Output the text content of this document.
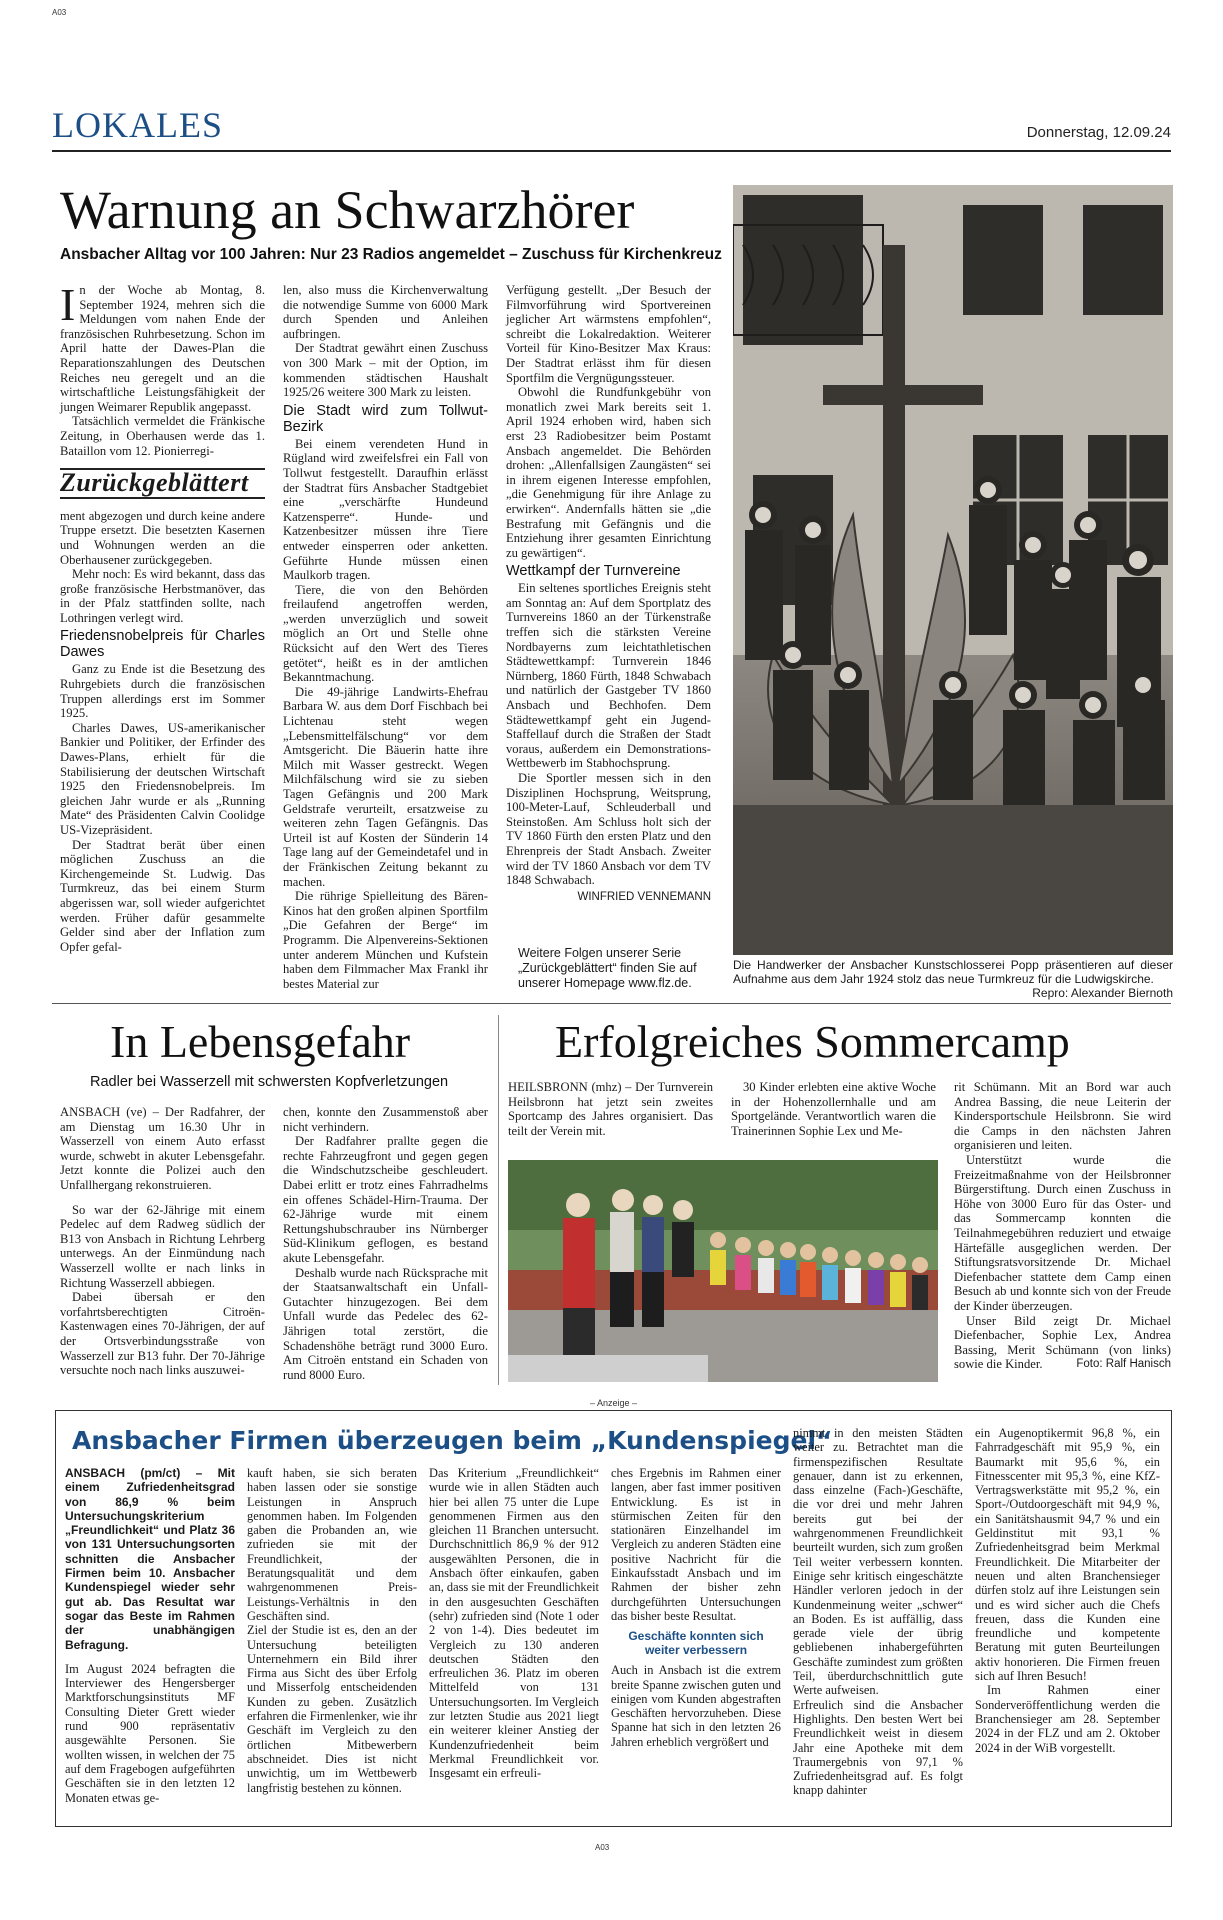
A03
LOKALES	Donnerstag, 12.09.24
Warnung an Schwarzhörer
Ansbacher Alltag vor 100 Jahren: Nur 23 Radios angemeldet – Zuschuss für Kirchenkreuz

In der Woche ab Montag, 8. September 1924, mehren sich die Meldungen vom nahen Ende der französischen Ruhrbesetzung. Schon im April hatte der Dawes-Plan die Reparationszahlungen des Deutschen Reiches neu geregelt und an die wirtschaftliche Leistungsfähigkeit der jungen Weimarer Republik angepasst.

Tatsächlich vermeldet die Fränkische Zeitung, in Oberhausen werde das 1. Bataillon vom 12. Pionierregi-

Zurückgeblättert

ment abgezogen und durch keine andere Truppe ersetzt. Die besetzten Kasernen und Wohnungen werden an die Oberhausener zurückgegeben.

Mehr noch: Es wird bekannt, dass das große französische Herbstmanöver, das in der Pfalz stattfinden sollte, nach Lothringen verlegt wird.

Friedensnobelpreis für Charles Dawes

Ganz zu Ende ist die Besetzung des Ruhrgebiets durch die französischen Truppen allerdings erst im Sommer 1925.

Charles Dawes, US-amerikanischer Bankier und Politiker, der Erfinder des Dawes-Plans, erhielt für die Stabilisierung der deutschen Wirtschaft 1925 den Friedensnobelpreis. Im gleichen Jahr wurde er als „Running Mate“ des Präsidenten Calvin Coolidge US-Vizepräsident.

Der Stadtrat berät über einen möglichen Zuschuss an die Kirchengemeinde St. Ludwig. Das Turmkreuz, das bei einem Sturm abgerissen war, soll wieder aufgerichtet werden. Früher dafür gesammelte Gelder sind aber der Inflation zum Opfer gefal-

len, also muss die Kirchenverwaltung die notwendige Summe von 6000 Mark durch Spenden und Anleihen aufbringen.

Der Stadtrat gewährt einen Zuschuss von 300 Mark – mit der Option, im kommenden städtischen Haushalt 1925/26 weitere 300 Mark zu leisten.

Die Stadt wird zum Tollwut-Bezirk

Bei einem verendeten Hund in Rügland wird zweifelsfrei ein Fall von Tollwut festgestellt. Daraufhin erlässt der Stadtrat fürs Ansbacher Stadtgebiet eine „verschärfte Hundeund Katzensperre“. Hunde- und Katzenbesitzer müssen ihre Tiere entweder einsperren oder anketten. Geführte Hunde müssen einen Maulkorb tragen.

Tiere, die von den Behörden freilaufend angetroffen werden, „werden unverzüglich und soweit möglich an Ort und Stelle ohne Rücksicht auf den Wert des Tieres getötet“, heißt es in der amtlichen Bekanntmachung.

Die 49-jährige Landwirts-Ehefrau Barbara W. aus dem Dorf Fischbach bei Lichtenau steht wegen „Lebensmittelfälschung“ vor dem Amtsgericht. Die Bäuerin hatte ihre Milch mit Wasser gestreckt. Wegen Milchfälschung wird sie zu sieben Tagen Gefängnis und 200 Mark Geldstrafe verurteilt, ersatzweise zu weiteren zehn Tagen Gefängnis. Das Urteil ist auf Kosten der Sünderin 14 Tage lang auf der Gemeindetafel und in der Fränkischen Zeitung bekannt zu machen.

Die rührige Spielleitung des Bären-Kinos hat den großen alpinen Sportfilm „Die Gefahren der Berge“ im Programm. Die Alpenvereins-Sektionen unter anderem München und Kufstein haben dem Filmmacher Max Frankl ihr bestes Material zur

Verfügung gestellt. „Der Besuch der Filmvorführung wird Sportvereinen jeglicher Art wärmstens empfohlen“, schreibt die Lokalredaktion. Weiterer Vorteil für Kino-Besitzer Max Kraus: Der Stadtrat erlässt ihm für diesen Sportfilm die Vergnügungssteuer.

Obwohl die Rundfunkgebühr von monatlich zwei Mark bereits seit 1. April 1924 erhoben wird, haben sich erst 23 Radiobesitzer beim Postamt Ansbach angemeldet. Die Behörden drohen: „Allenfallsigen Zaungästen“ sei in ihrem eigenen Interesse empfohlen, „die Genehmigung für ihre Anlage zu erwirken“. Andernfalls hätten sie „die Bestrafung mit Gefängnis und die Entziehung ihrer gesamten Einrichtung zu gewärtigen“.

Wettkampf der Turnvereine

Ein seltenes sportliches Ereignis steht am Sonntag an: Auf dem Sportplatz des Turnvereins 1860 an der Türkenstraße treffen sich die stärksten Vereine Nordbayerns zum leichtathletischen Städtewettkampf: Turnverein 1846 Nürnberg, 1860 Fürth, 1848 Schwabach und natürlich der Gastgeber TV 1860 Ansbach und Bechhofen. Dem Städtewettkampf geht ein Jugend-Staffellauf durch die Straßen der Stadt voraus, außerdem ein Demonstrations-Wettbewerb im Stabhochsprung.

Die Sportler messen sich in den Disziplinen Hochsprung, Weitsprung, 100-Meter-Lauf, Schleuderball und Steinstoßen. Am Schluss holt sich der TV 1860 Fürth den ersten Platz und den Ehrenpreis der Stadt Ansbach. Zweiter wird der TV 1860 Ansbach vor dem TV 1848 Schwabach.

WINFRIED VENNEMANN
Weitere Folgen unserer Serie „Zurückgeblättert“ finden Sie auf unserer Homepage www.flz.de.
Die Handwerker der Ansbacher Kunstschlosserei Popp präsentieren auf dieser Aufnahme aus dem Jahr 1924 stolz das neue Turmkreuz für die Ludwigskirche.
Repro: Alexander Biernoth
In Lebensgefahr
Radler bei Wasserzell mit schwersten Kopfverletzungen

ANSBACH (ve) – Der Radfahrer, der am Dienstag um 16.30 Uhr in Wasserzell von einem Auto erfasst wurde, schwebt in akuter Lebensgefahr. Jetzt konnte die Polizei auch den Unfallhergang rekonstruieren.

So war der 62-Jährige mit einem Pedelec auf dem Radweg südlich der B13 von Ansbach in Richtung Lehrberg unterwegs. An der Einmündung nach Wasserzell wollte er nach links in Richtung Wasserzell abbiegen.

Dabei übersah er den vorfahrtsberechtigten Citroën-Kastenwagen eines 70-Jährigen, der auf der Ortsverbindungsstraße von Wasserzell zur B13 fuhr. Der 70-Jährige versuchte noch nach links auszuwei-

chen, konnte den Zusammenstoß aber nicht verhindern.

Der Radfahrer prallte gegen die rechte Fahrzeugfront und gegen gegen die Windschutzscheibe geschleudert. Dabei erlitt er trotz eines Fahrradhelms ein offenes Schädel-Hirn-Trauma. Der 62-Jährige wurde mit einem Rettungshubschrauber ins Nürnberger Süd-Klinikum geflogen, es bestand akute Lebensgefahr.

Deshalb wurde nach Rücksprache mit der Staatsanwaltschaft ein Unfall-Gutachter hinzugezogen. Bei dem Unfall wurde das Pedelec des 62-Jährigen total zerstört, die Schadenshöhe beträgt rund 3000 Euro. Am Citroën entstand ein Schaden von rund 8000 Euro.

Erfolgreiches Sommercamp

HEILSBRONN (mhz) – Der Turnverein Heilsbronn hat jetzt sein zweites Sportcamp des Jahres organisiert. Das teilt der Verein mit.

30 Kinder erlebten eine aktive Woche in der Hohenzollernhalle und am Sportgelände. Verantwortlich waren die Trainerinnen Sophie Lex und Me-

rit Schümann. Mit an Bord war auch Andrea Bassing, die neue Leiterin der Kindersportschule Heilsbronn. Sie wird die Camps in den nächsten Jahren organisieren und leiten.

Unterstützt wurde die Freizeitmaßnahme von der Heilsbronner Bürgerstiftung. Durch einen Zuschuss in Höhe von 3000 Euro für das Oster- und das Sommercamp konnten die Teilnahmegebühren reduziert und etwaige Härtefälle ausgeglichen werden. Der Stiftungsratsvorsitzende Dr. Michael Diefenbacher stattete dem Camp einen Besuch ab und konnte sich von der Freude der Kinder überzeugen.

Unser Bild zeigt Dr. Michael Diefenbacher, Sophie Lex, Andrea Bassing, Merit Schümann (von links) sowie die Kinder.	Foto: Ralf Hanisch

– Anzeige –
Ansbacher Firmen überzeugen beim „Kundenspiegel“

ANSBACH (pm/ct) – Mit einem Zufriedenheitsgrad von 86,9 % beim Untersuchungskriterium „Freundlichkeit“ und Platz 36 von 131 Untersuchungsorten schnitten die Ansbacher Firmen beim 10. Ansbacher Kundenspiegel wieder sehr gut ab. Das Resultat war sogar das Beste im Rahmen der unabhängigen Befragung.

Im August 2024 befragten die Interviewer des Hengersberger Marktforschungsinstituts MF Consulting Dieter Grett wieder rund 900 repräsentativ ausgewählte Personen. Sie wollten wissen, in welchen der 75 auf dem Fragebogen aufgeführten Geschäften sie in den letzten 12 Monaten etwas ge-

kauft haben, sie sich beraten haben lassen oder sie sonstige Leistungen in Anspruch genommen haben. Im Folgenden gaben die Probanden an, wie zufrieden sie mit der Freundlichkeit, der Beratungsqualität und dem wahrgenommenen Preis-Leistungs-Verhältnis in den Geschäften sind.

Ziel der Studie ist es, den an der Untersuchung beteiligten Unternehmern ein Bild ihrer Firma aus Sicht des über Erfolg und Misserfolg entscheidenden Kunden zu geben. Zusätzlich erfahren die Firmenlenker, wie ihr Geschäft im Vergleich zu den örtlichen Mitbewerbern abschneidet. Dies ist nicht unwichtig, um im Wettbewerb langfristig bestehen zu können.

Das Kriterium „Freundlichkeit“ wurde wie in allen Städten auch hier bei allen 75 unter die Lupe genommenen Firmen aus den gleichen 11 Branchen untersucht. Durchschnittlich 86,9 % der 912 ausgewählten Personen, die in Ansbach öfter einkaufen, gaben an, dass sie mit der Freundlichkeit in den ausgesuchten Geschäften (sehr) zufrieden sind (Note 1 oder 2 von 1-4). Dies bedeutet im Vergleich zu 130 anderen deutschen Städten den erfreulichen 36. Platz im oberen Mittelfeld von 131 Untersuchungsorten. Im Vergleich zur letzten Studie aus 2021 liegt ein weiterer kleiner Anstieg der Kundenzufriedenheit beim Merkmal Freundlichkeit vor. Insgesamt ein erfreuli-

ches Ergebnis im Rahmen einer langen, aber fast immer positiven Entwicklung. Es ist in stürmischen Zeiten für den stationären Einzelhandel im Vergleich zu anderen Städten eine positive Nachricht für die Einkaufsstadt Ansbach und im Rahmen der bisher zehn durchgeführten Untersuchungen das bisher beste Resultat.

Geschäfte konnten sich weiter verbessern

Auch in Ansbach ist die extrem breite Spanne zwischen guten und einigen vom Kunden abgestraften Geschäften hervorzuheben. Diese Spanne hat sich in den letzten 26 Jahren erheblich vergrößert und

nimmt in den meisten Städten weiter zu. Betrachtet man die firmenspezifischen Resultate genauer, dann ist zu erkennen, dass einzelne (Fach-)Geschäfte, die vor drei und mehr Jahren bereits gut bei der wahrgenommenen Freundlichkeit beurteilt wurden, sich zum großen Teil weiter verbessern konnten. Einige sehr kritisch eingeschätzte Händler verloren jedoch in der Kundenmeinung weiter „schwer“ an Boden. Es ist auffällig, dass gerade viele der übrig gebliebenen inhabergeführten Geschäfte zumindest zum größten Teil, überdurchschnittlich gute Werte aufweisen.

Erfreulich sind die Ansbacher Highlights. Den besten Wert bei Freundlichkeit weist in diesem Jahr eine Apotheke mit dem Traumergebnis von 97,1 % Zufriedenheitsgrad auf. Es folgt knapp dahinter

ein Augenoptikermit 96,8 %, ein Fahrradgeschäft mit 95,9 %, ein Baumarkt mit 95,6 %, ein Fitnesscenter mit 95,3 %, eine KfZ-Vertragswerkstätte mit 95,2 %, ein Sport-/Outdoorgeschäft mit 94,9 %, ein Sanitätshausmit 94,7 % und ein Geldinstitut mit 93,1 % Zufriedenheitsgrad beim Merkmal Freundlichkeit. Die Mitarbeiter der neuen und alten Branchensieger dürfen stolz auf ihre Leistungen sein und es wird sicher auch die Chefs freuen, dass die Kunden eine freundliche und kompetente Beratung mit guten Beurteilungen aktiv honorieren. Die Firmen freuen sich auf Ihren Besuch!

Im Rahmen einer Sonderveröffentlichung werden die Branchensieger am 28. September 2024 in der FLZ und am 2. Oktober 2024 in der WiB vorgestellt.

A03
